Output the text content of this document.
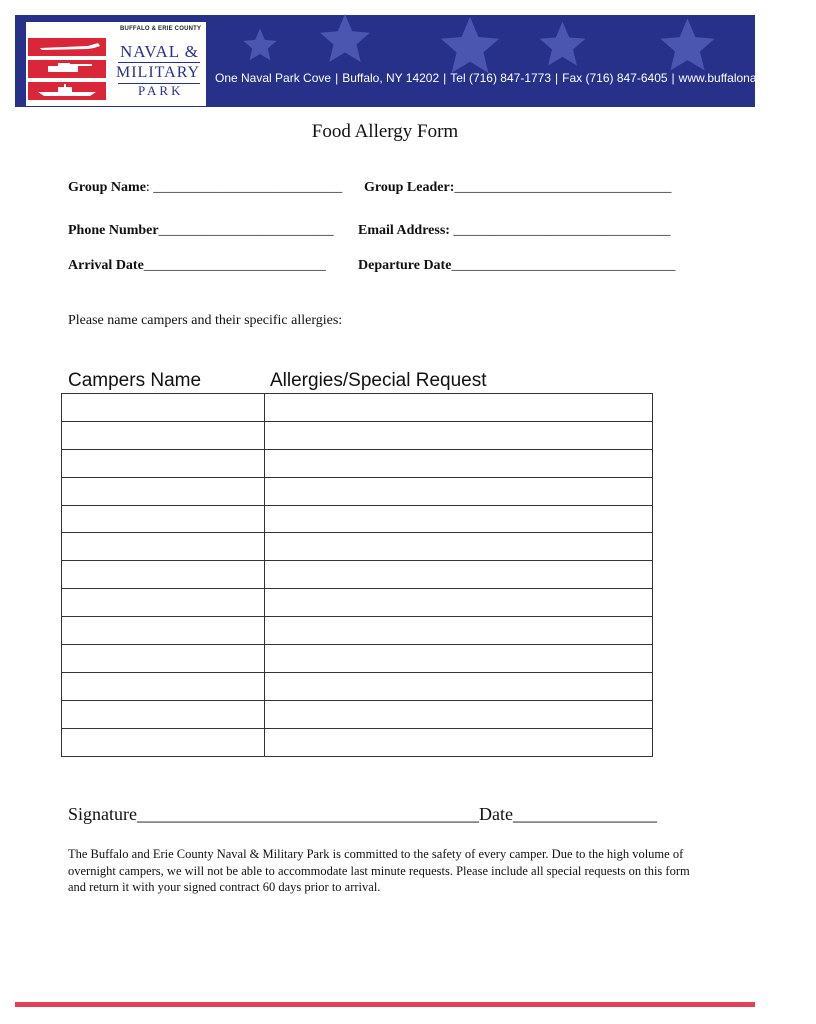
One Naval Park Cove | Buffalo, NY 14202 | Tel (716) 847-1773 | Fax (716) 847-6405 | www.buffalonavalpark.org
BUFFALO & ERIE COUNTY
NAVAL &
MILITARY
PARK
Food Allergy Form
Group Name: ___________________________ Group Leader:_______________________________
Phone Number_________________________ Email Address: _______________________________
Arrival Date__________________________ Departure Date________________________________
Please name campers and their specific allergies:
Campers Name	Allergies/Special Request

Signature______________________________________Date________________
The Buffalo and Erie County Naval & Military Park is committed to the safety of every camper. Due to the high volume of overnight campers, we will not be able to accommodate last minute requests. Please include all special requests on this form and return it with your signed contract 60 days prior to arrival.
